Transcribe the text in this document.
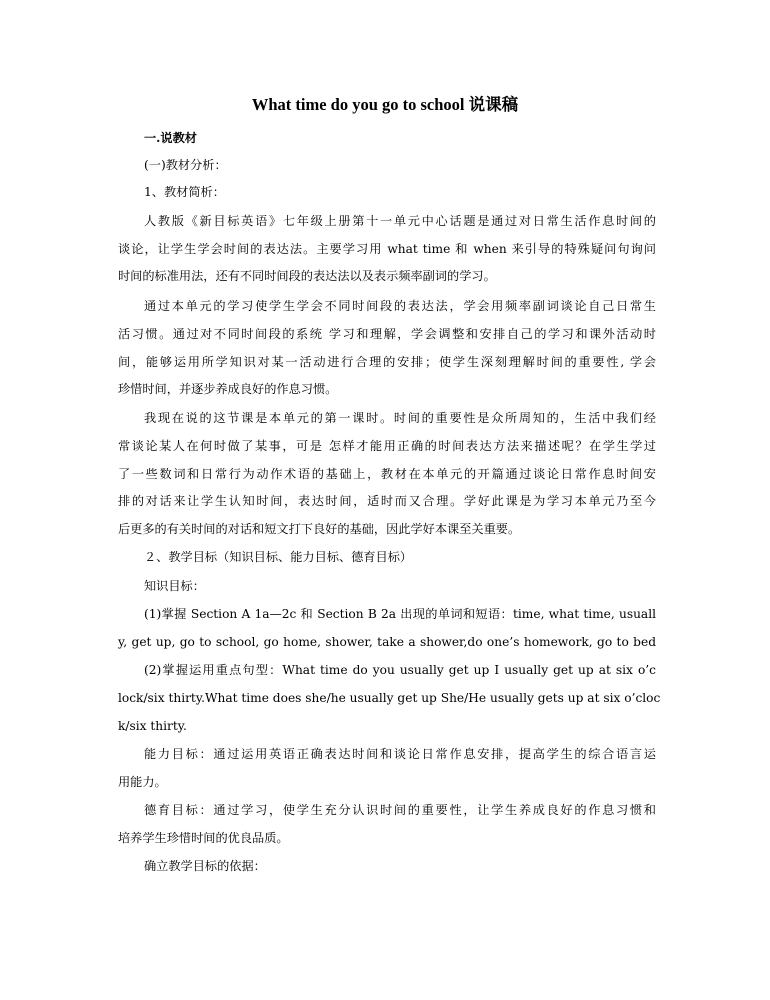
What time do you go to school 说课稿
一.说教材
(一)教材分析：
1、教材简析：
人教版《新目标英语》七年级上册第十一单元中心话题是通过对日常生活作息时间的
谈论，让学生学会时间的表达法。主要学习用 what time 和 when 来引导的特殊疑问句询问
时间的标准用法，还有不同时间段的表达法以及表示频率副词的学习。
通过本单元的学习使学生学会不同时间段的表达法，学会用频率副词谈论自己日常生
活习惯。通过对不同时间段的系统 学习和理解，学会调整和安排自己的学习和课外活动时
间，能够运用所学知识对某一活动进行合理的安排；使学生深刻理解时间的重要性, 学会
珍惜时间，并逐步养成良好的作息习惯。
我现在说的这节课是本单元的第一课时。时间的重要性是众所周知的，生活中我们经
常谈论某人在何时做了某事，可是 怎样才能用正确的时间表达方法来描述呢？在学生学过
了一些数词和日常行为动作术语的基础上，教材在本单元的开篇通过谈论日常作息时间安
排的对话来让学生认知时间，表达时间，适时而又合理。学好此课是为学习本单元乃至今
后更多的有关时间的对话和短文打下良好的基础，因此学好本课至关重要。
２、教学目标（知识目标、能力目标、德育目标）
知识目标：
(1)掌握 Section A 1a—2c 和 Section B 2a 出现的单词和短语：time, what time, usuall
y, get up, go to school, go home, shower, take a shower,do one’s homework, go to bed
(2)掌握运用重点句型：What time do you usually get up I usually get up at six o’c
lock/six thirty.What time does she/he usually get up She/He usually gets up at six o’cloc
k/six thirty.
能力目标：通过运用英语正确表达时间和谈论日常作息安排，提高学生的综合语言运
用能力。
德育目标：通过学习，使学生充分认识时间的重要性，让学生养成良好的作息习惯和
培养学生珍惜时间的优良品质。
确立教学目标的依据：
